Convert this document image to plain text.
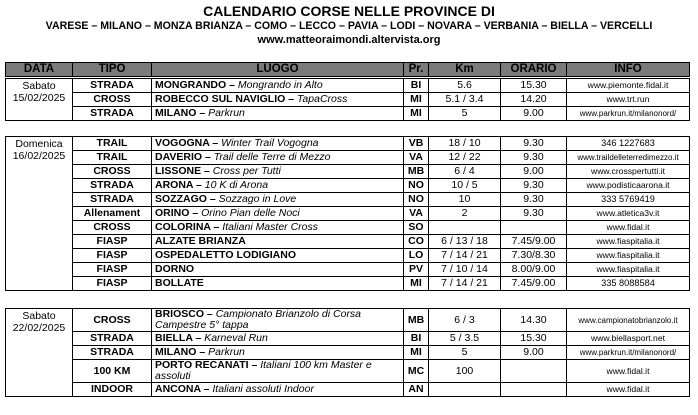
CALENDARIO CORSE NELLE PROVINCE DI
VARESE – MILANO – MONZA BRIANZA – COMO – LECCO – PAVIA – LODI – NOVARA – VERBANIA – BIELLA – VERCELLI
www.matteoraimondi.altervista.org
DATA	TIPO	LUOGO	Pr.	Km	ORARIO	INFO
Sabato
15/02/2025	STRADA	MONGRANDO – Mongrando in Alto	BI	5.6	15.30	www.piemonte.fidal.it
	CROSS	ROBECCO SUL NAVIGLIO – TapaCross	MI	5.1 / 3.4	14.20	www.trt.run
	STRADA	MILANO – Parkrun	MI	5	9.00	www.parkrun.it/milanonord/
Domenica
16/02/2025	TRAIL	VOGOGNA – Winter Trail Vogogna	VB	18 / 10	9.30	346 1227683
	TRAIL	DAVERIO – Trail delle Terre di Mezzo	VA	12 / 22	9.30	www.traildelleterredimezzo.it
	CROSS	LISSONE – Cross per Tutti	MB	6 / 4	9.00	www.crosspertutti.it
	STRADA	ARONA – 10 K di Arona	NO	10 / 5	9.30	www.podisticaarona.it
	STRADA	SOZZAGO – Sozzago in Love	NO	10	9.30	333 5769419
	Allenament	ORINO – Orino Pian delle Noci	VA	2	9.30	www.atletica3v.it
	CROSS	COLORINA – Italiani Master Cross	SO			www.fidal.it
	FIASP	ALZATE BRIANZA	CO	6 / 13 / 18	7.45/9.00	www.fiaspitalia.it
	FIASP	OSPEDALETTO LODIGIANO	LO	7 / 14 / 21	7.30/8.30	www.fiaspitalia.it
	FIASP	DORNO	PV	7 / 10 / 14	8.00/9.00	www.fiaspitalia.it
	FIASP	BOLLATE	MI	7 / 14 / 21	7.45/9.00	335 8088584
Sabato
22/02/2025	CROSS	BRIOSCO – Campionato Brianzolo di Corsa Campestre 5° tappa	MB	6 / 3	14.30	www.campionatobrianzolo.it
	STRADA	BIELLA – Karneval Run	BI	5 / 3.5	15.30	www.biellasport.net
	STRADA	MILANO – Parkrun	MI	5	9.00	www.parkrun.it/milanonord/
	100 KM	PORTO RECANATI – Italiani 100 km Master e assoluti	MC	100		www.fidal.it
	INDOOR	ANCONA – Italiani assoluti Indoor	AN			www.fidal.it
